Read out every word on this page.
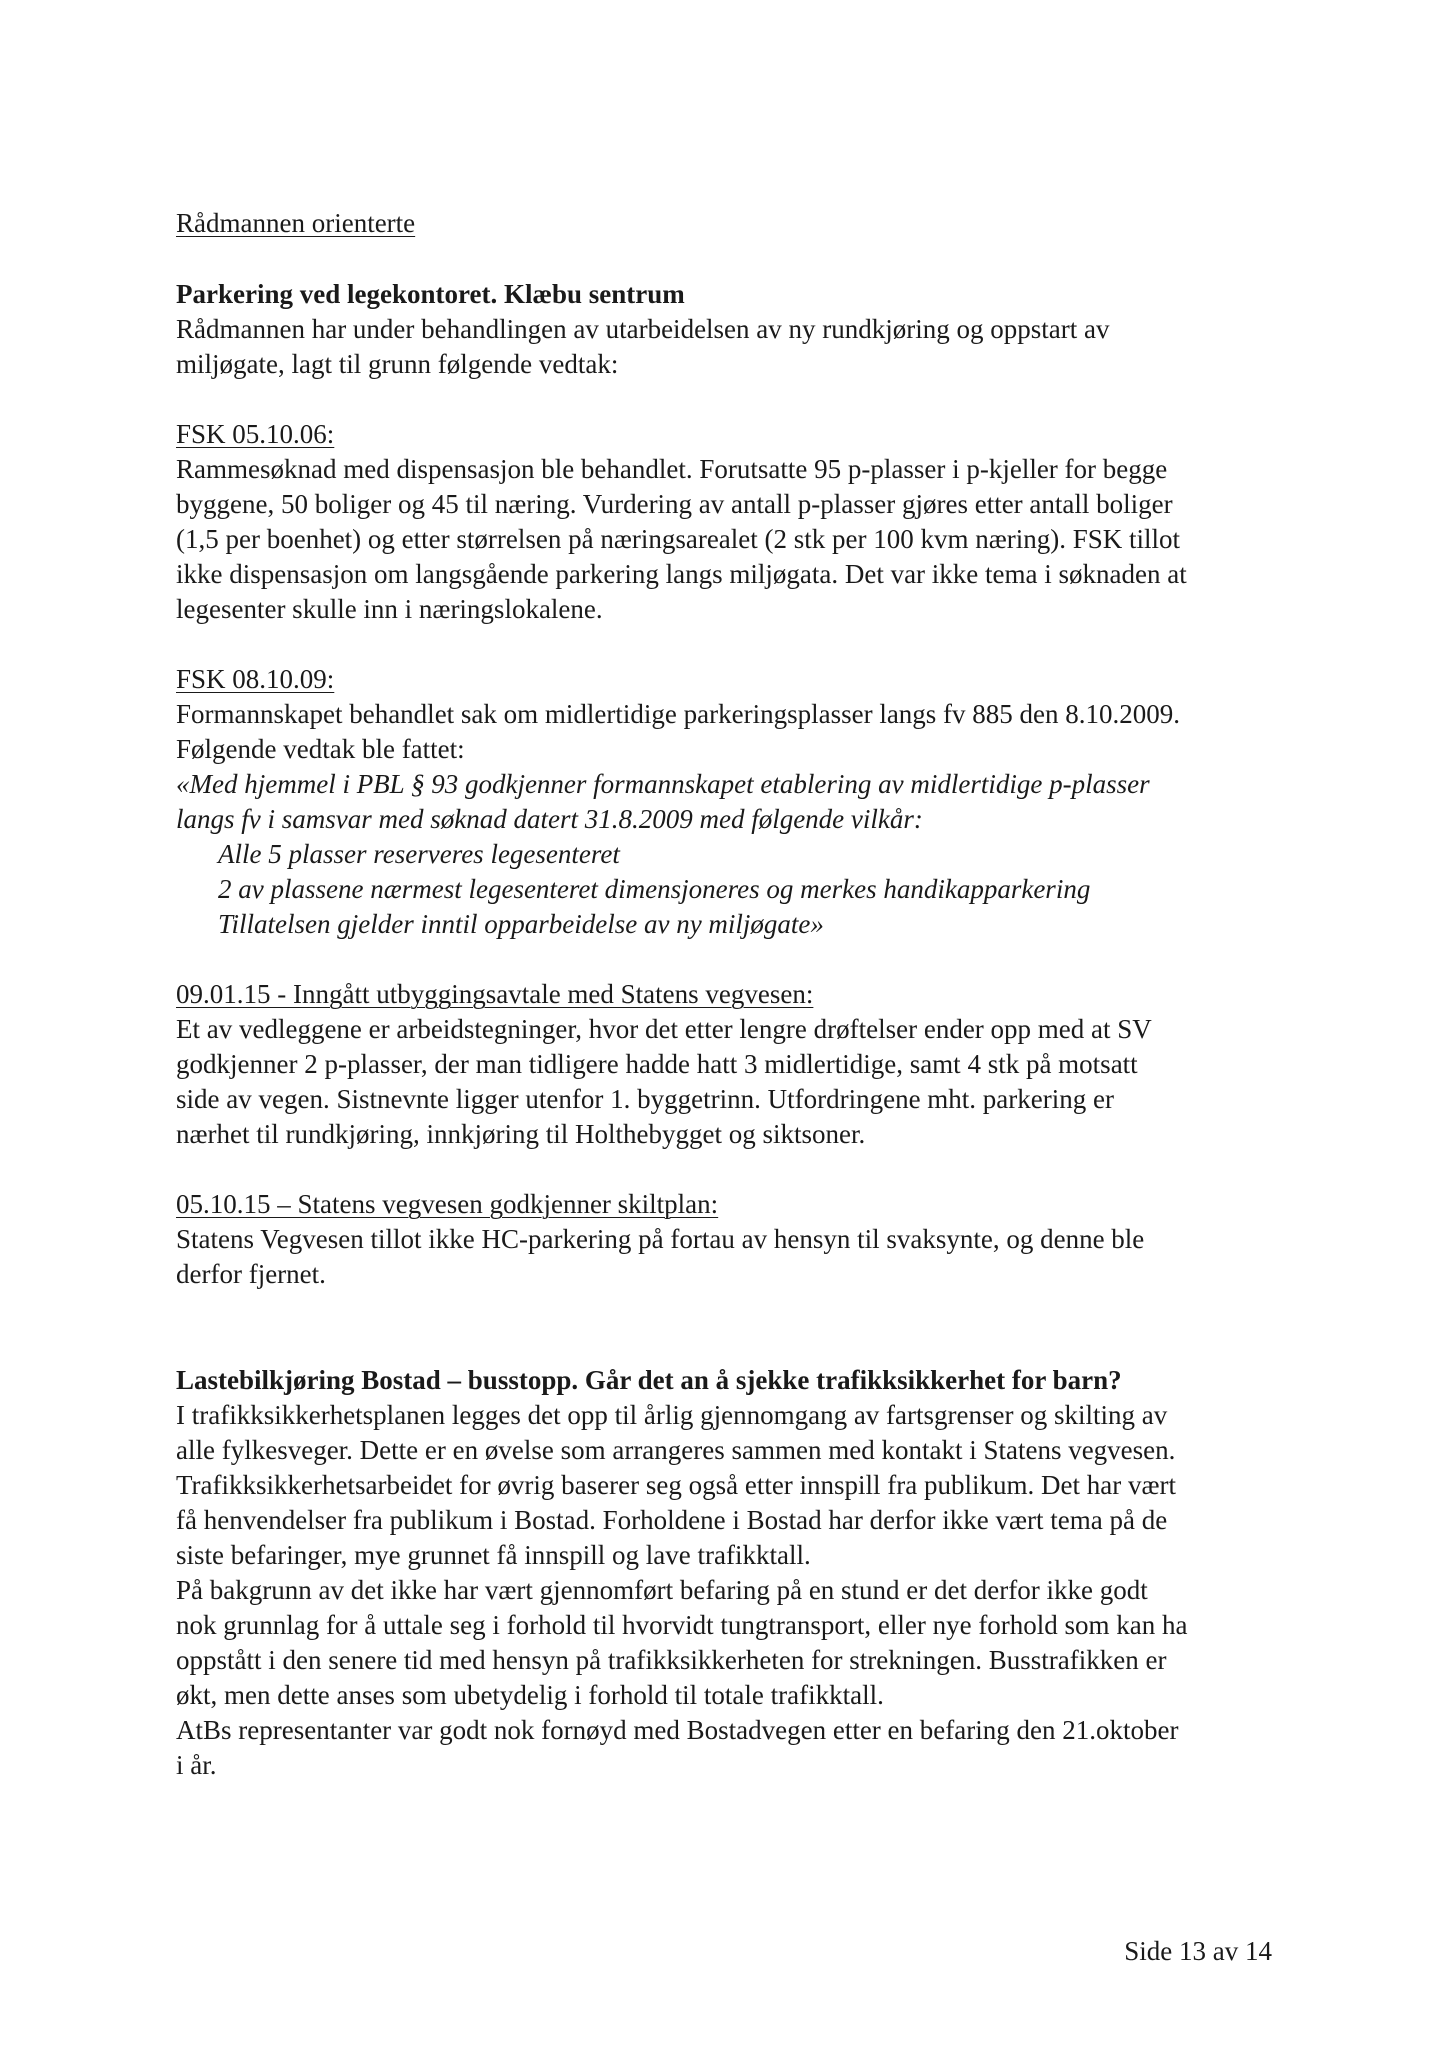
Rådmannen orienterte
Parkering ved legekontoret. Klæbu sentrum
Rådmannen har under behandlingen av utarbeidelsen av ny rundkjøring og oppstart av
miljøgate, lagt til grunn følgende vedtak:
FSK 05.10.06:
Rammesøknad med dispensasjon ble behandlet. Forutsatte 95 p-plasser i p-kjeller for begge
byggene, 50 boliger og 45 til næring. Vurdering av antall p-plasser gjøres etter antall boliger
(1,5 per boenhet) og etter størrelsen på næringsarealet (2 stk per 100 kvm næring). FSK tillot
ikke dispensasjon om langsgående parkering langs miljøgata. Det var ikke tema i søknaden at
legesenter skulle inn i næringslokalene.
FSK 08.10.09:
Formannskapet behandlet sak om midlertidige parkeringsplasser langs fv 885 den 8.10.2009.
Følgende vedtak ble fattet:
«Med hjemmel i PBL § 93 godkjenner formannskapet etablering av midlertidige p-plasser
langs fv i samsvar med søknad datert 31.8.2009 med følgende vilkår:
Alle 5 plasser reserveres legesenteret
2 av plassene nærmest legesenteret dimensjoneres og merkes handikapparkering
Tillatelsen gjelder inntil opparbeidelse av ny miljøgate»
09.01.15 - Inngått utbyggingsavtale med Statens vegvesen:
Et av vedleggene er arbeidstegninger, hvor det etter lengre drøftelser ender opp med at SV
godkjenner 2 p-plasser, der man tidligere hadde hatt 3 midlertidige, samt 4 stk på motsatt
side av vegen. Sistnevnte ligger utenfor 1. byggetrinn. Utfordringene mht. parkering er
nærhet til rundkjøring, innkjøring til Holthebygget og siktsoner.
05.10.15 – Statens vegvesen godkjenner skiltplan:
Statens Vegvesen tillot ikke HC-parkering på fortau av hensyn til svaksynte, og denne ble
derfor fjernet.
Lastebilkjøring Bostad – busstopp. Går det an å sjekke trafikksikkerhet for barn?
I trafikksikkerhetsplanen legges det opp til årlig gjennomgang av fartsgrenser og skilting av
alle fylkesveger. Dette er en øvelse som arrangeres sammen med kontakt i Statens vegvesen.
Trafikksikkerhetsarbeidet for øvrig baserer seg også etter innspill fra publikum. Det har vært
få henvendelser fra publikum i Bostad. Forholdene i Bostad har derfor ikke vært tema på de
siste befaringer, mye grunnet få innspill og lave trafikktall.
På bakgrunn av det ikke har vært gjennomført befaring på en stund er det derfor ikke godt
nok grunnlag for å uttale seg i forhold til hvorvidt tungtransport, eller nye forhold som kan ha
oppstått i den senere tid med hensyn på trafikksikkerheten for strekningen. Busstrafikken er
økt, men dette anses som ubetydelig i forhold til totale trafikktall.
AtBs representanter var godt nok fornøyd med Bostadvegen etter en befaring den 21.oktober
i år.
Side 13 av 14
